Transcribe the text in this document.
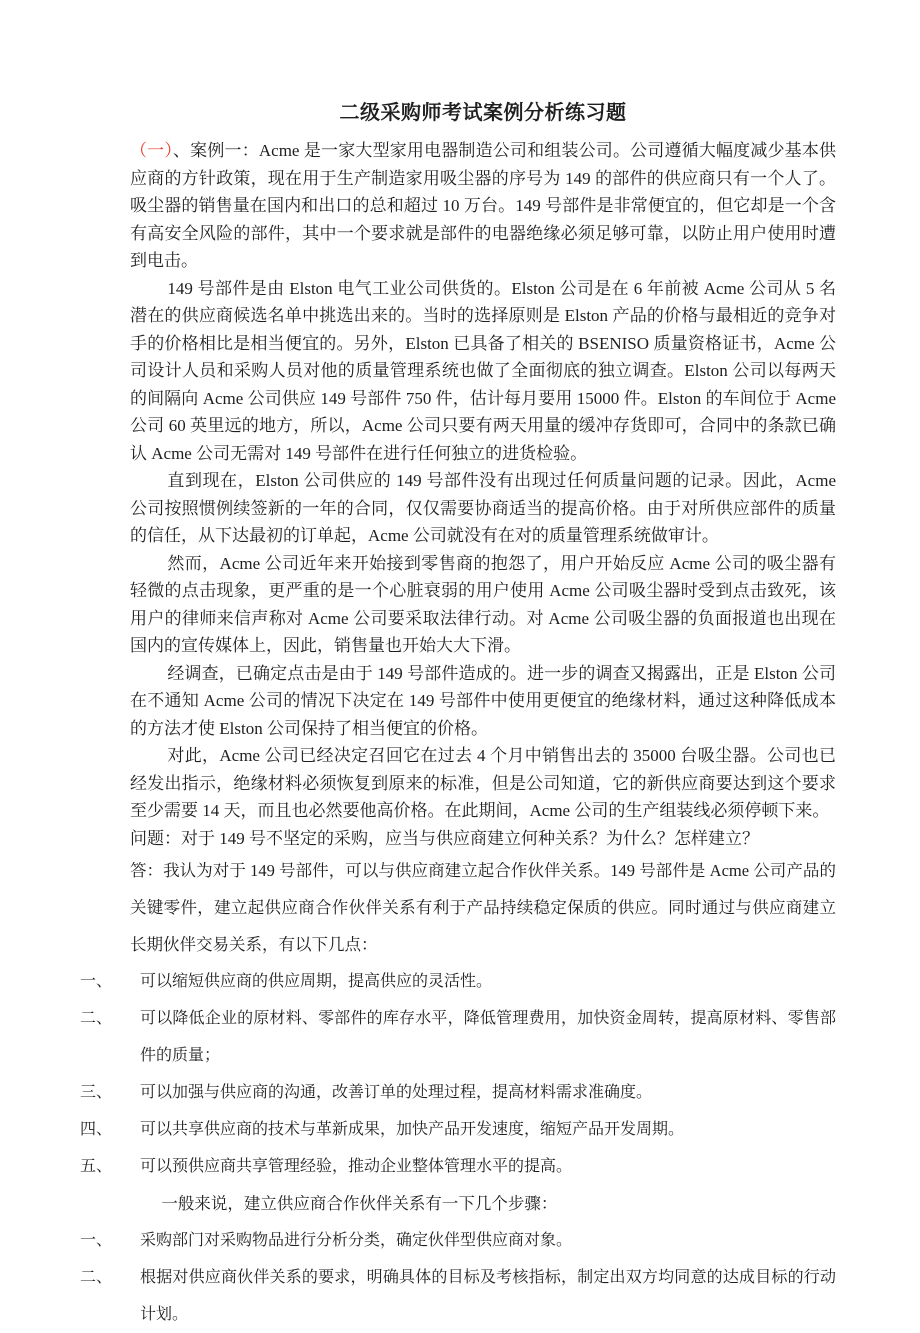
二级采购师考试案例分析练习题

（一）、案例一：Acme 是一家大型家用电器制造公司和组装公司。公司遵循大幅度减少基本供应商的方针政策，现在用于生产制造家用吸尘器的序号为 149 的部件的供应商只有一个人了。吸尘器的销售量在国内和出口的总和超过 10 万台。149 号部件是非常便宜的，但它却是一个含有高安全风险的部件，其中一个要求就是部件的电器绝缘必须足够可靠，以防止用户使用时遭到电击。

149 号部件是由 Elston 电气工业公司供货的。Elston 公司是在 6 年前被 Acme 公司从 5 名潜在的供应商候选名单中挑选出来的。当时的选择原则是 Elston 产品的价格与最相近的竞争对手的价格相比是相当便宜的。另外，Elston 已具备了相关的 BSENISO 质量资格证书，Acme 公司设计人员和采购人员对他的质量管理系统也做了全面彻底的独立调查。Elston 公司以每两天的间隔向 Acme 公司供应 149 号部件 750 件，估计每月要用 15000 件。Elston 的车间位于 Acme 公司 60 英里远的地方，所以，Acme 公司只要有两天用量的缓冲存货即可，合同中的条款已确认 Acme 公司无需对 149 号部件在进行任何独立的进货检验。

直到现在，Elston 公司供应的 149 号部件没有出现过任何质量问题的记录。因此，Acme 公司按照惯例续签新的一年的合同，仅仅需要协商适当的提高价格。由于对所供应部件的质量的信任，从下达最初的订单起，Acme 公司就没有在对的质量管理系统做审计。

然而，Acme 公司近年来开始接到零售商的抱怨了，用户开始反应 Acme 公司的吸尘器有轻微的点击现象，更严重的是一个心脏衰弱的用户使用 Acme 公司吸尘器时受到点击致死，该用户的律师来信声称对 Acme 公司要采取法律行动。对 Acme 公司吸尘器的负面报道也出现在国内的宣传媒体上，因此，销售量也开始大大下滑。

经调查，已确定点击是由于 149 号部件造成的。进一步的调查又揭露出，正是 Elston 公司在不通知 Acme 公司的情况下决定在 149 号部件中使用更便宜的绝缘材料，通过这种降低成本的方法才使 Elston 公司保持了相当便宜的价格。

对此，Acme 公司已经决定召回它在过去 4 个月中销售出去的 35000 台吸尘器。公司也已经发出指示，绝缘材料必须恢复到原来的标准，但是公司知道，它的新供应商要达到这个要求至少需要 14 天，而且也必然要他高价格。在此期间，Acme 公司的生产组装线必须停顿下来。

问题：对于 149 号不坚定的采购，应当与供应商建立何种关系？为什么？怎样建立？

答：我认为对于 149 号部件，可以与供应商建立起合作伙伴关系。149 号部件是 Acme 公司产品的关键零件，建立起供应商合作伙伴关系有利于产品持续稳定保质的供应。同时通过与供应商建立长期伙伴交易关系，有以下几点：

一、	可以缩短供应商的供应周期，提高供应的灵活性。
二、	可以降低企业的原材料、零部件的库存水平，降低管理费用，加快资金周转，提高原材料、零售部件的质量；
三、	可以加强与供应商的沟通，改善订单的处理过程，提高材料需求准确度。
四、	可以共享供应商的技术与革新成果，加快产品开发速度，缩短产品开发周期。
五、	可以预供应商共享管理经验，推动企业整体管理水平的提高。

一般来说，建立供应商合作伙伴关系有一下几个步骤：

一、	采购部门对采购物品进行分析分类，确定伙伴型供应商对象。
二、	根据对供应商伙伴关系的要求，明确具体的目标及考核指标，制定出双方均同意的达成目标的行动计划。
